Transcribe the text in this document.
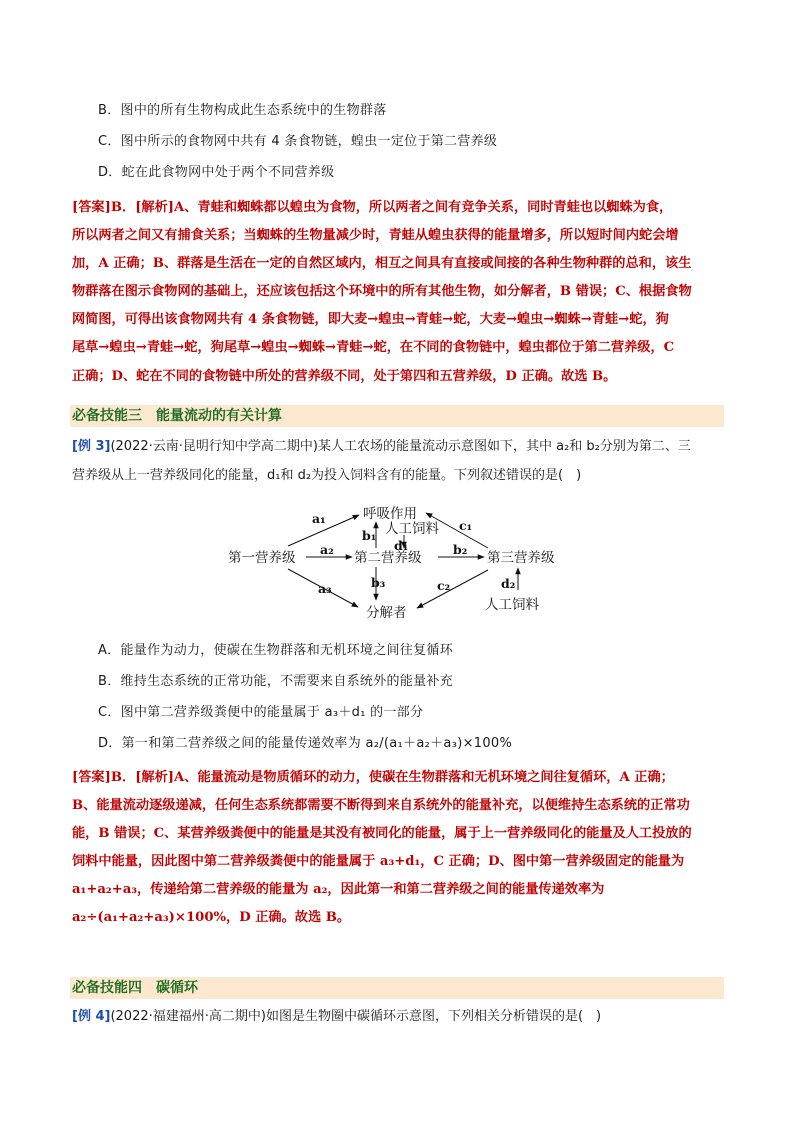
B．图中的所有生物构成此生态系统中的生物群落
C．图中所示的食物网中共有 4 条食物链，蝗虫一定位于第二营养级
D．蛇在此食物网中处于两个不同营养级

[答案]B．[解析]A、青蛙和蜘蛛都以蝗虫为食物，所以两者之间有竞争关系，同时青蛙也以蜘蛛为食，

所以两者之间又有捕食关系；当蜘蛛的生物量减少时，青蛙从蝗虫获得的能量增多，所以短时间内蛇会增

加，A 正确；B、群落是生活在一定的自然区域内，相互之间具有直接或间接的各种生物种群的总和，该生

物群落在图示食物网的基础上，还应该包括这个环境中的所有其他生物，如分解者，B 错误；C、根据食物

网简图，可得出该食物网共有 4 条食物链，即大麦→蝗虫→青蛙→蛇，大麦→蝗虫→蜘蛛→青蛙→蛇，狗

尾草→蝗虫→青蛙→蛇，狗尾草→蝗虫→蜘蛛→青蛙→蛇，在不同的食物链中，蝗虫都位于第二营养级，C

正确；D、蛇在不同的食物链中所处的营养级不同，处于第四和五营养级，D 正确。故选 B。

必备技能三　能量流动的有关计算

[例 3](2022·云南·昆明行知中学高二期中)某人工农场的能量流动示意图如下，其中 a₂和 b₂分别为第二、三

营养级从上一营养级同化的能量，d₁和 d₂为投入饲料含有的能量。下列叙述错误的是(　)

第一营养级	第二营养级	第三营养级
呼吸作用
分解者
人工饲料
人工饲料
a₁
a₂
a₃
b₁
b₂
b₃
c₁
c₂
d₁
d₂
A．能量作为动力，使碳在生物群落和无机环境之间往复循环
B．维持生态系统的正常功能，不需要来自系统外的能量补充
C．图中第二营养级粪便中的能量属于 a₃＋d₁ 的一部分
D．第一和第二营养级之间的能量传递效率为 a₂/(a₁＋a₂＋a₃)×100%

[答案]B．[解析]A、能量流动是物质循环的动力，使碳在生物群落和无机环境之间往复循环，A 正确；

B、能量流动逐级递减，任何生态系统都需要不断得到来自系统外的能量补充，以便维持生态系统的正常功

能，B 错误；C、某营养级粪便中的能量是其没有被同化的能量，属于上一营养级同化的能量及人工投放的

饲料中能量，因此图中第二营养级粪便中的能量属于 a₃+d₁，C 正确；D、图中第一营养级固定的能量为

a₁+a₂+a₃，传递给第二营养级的能量为 a₂，因此第一和第二营养级之间的能量传递效率为

a₂÷(a₁+a₂+a₃)×100%，D 正确。故选 B。

必备技能四　碳循环

[例 4](2022·福建福州·高二期中)如图是生物圈中碳循环示意图，下列相关分析错误的是(　)
